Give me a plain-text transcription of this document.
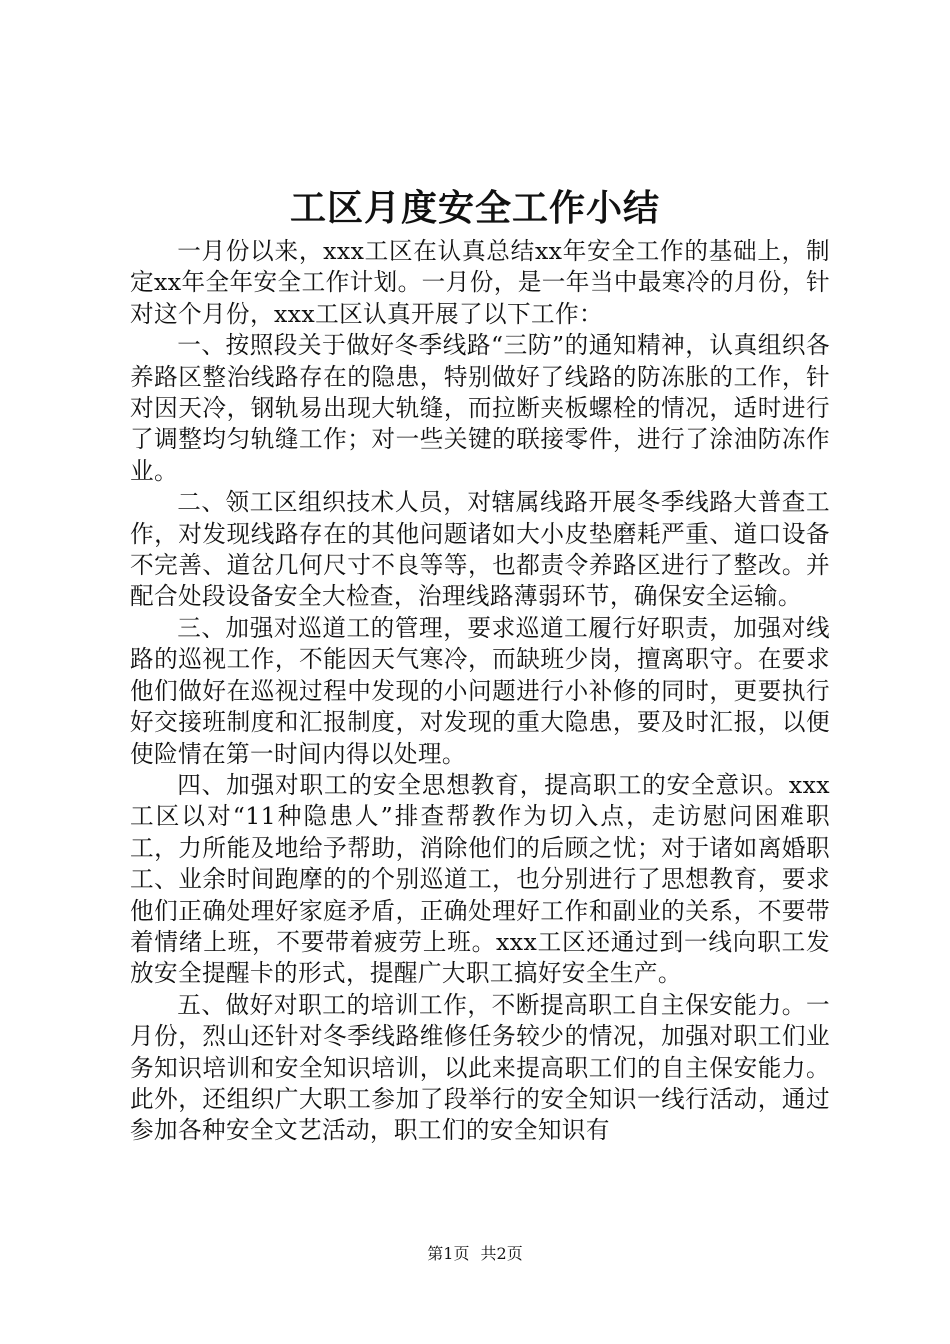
工区月度安全工作小结

一月份以来，xxx工区在认真总结xx年安全工作的基础上，制定xx年全年安全工作计划。一月份，是一年当中最寒冷的月份，针对这个月份，xxx工区认真开展了以下工作：

一、按照段关于做好冬季线路“三防”的通知精神，认真组织各养路区整治线路存在的隐患，特别做好了线路的防冻胀的工作，针对因天冷，钢轨易出现大轨缝，而拉断夹板螺栓的情况，适时进行了调整均匀轨缝工作；对一些关键的联接零件，进行了涂油防冻作业。

二、领工区组织技术人员，对辖属线路开展冬季线路大普查工作，对发现线路存在的其他问题诸如大小皮垫磨耗严重、道口设备不完善、道岔几何尺寸不良等等，也都责令养路区进行了整改。并配合处段设备安全大检查，治理线路薄弱环节，确保安全运输。

三、加强对巡道工的管理，要求巡道工履行好职责，加强对线路的巡视工作，不能因天气寒冷，而缺班少岗，擅离职守。在要求他们做好在巡视过程中发现的小问题进行小补修的同时，更要执行好交接班制度和汇报制度，对发现的重大隐患，要及时汇报，以便使险情在第一时间内得以处理。

四、加强对职工的安全思想教育，提高职工的安全意识。xxx工区以对“11种隐患人”排查帮教作为切入点，走访慰问困难职工，力所能及地给予帮助，消除他们的后顾之忧；对于诸如离婚职工、业余时间跑摩的的个别巡道工，也分别进行了思想教育，要求他们正确处理好家庭矛盾，正确处理好工作和副业的关系，不要带着情绪上班，不要带着疲劳上班。xxx工区还通过到一线向职工发放安全提醒卡的形式，提醒广大职工搞好安全生产。

五、做好对职工的培训工作，不断提高职工自主保安能力。一月份，烈山还针对冬季线路维修任务较少的情况，加强对职工们业务知识培训和安全知识培训，以此来提高职工们的自主保安能力。此外，还组织广大职工参加了段举行的安全知识一线行活动，通过参加各种安全文艺活动，职工们的安全知识有

第1页 共2页
